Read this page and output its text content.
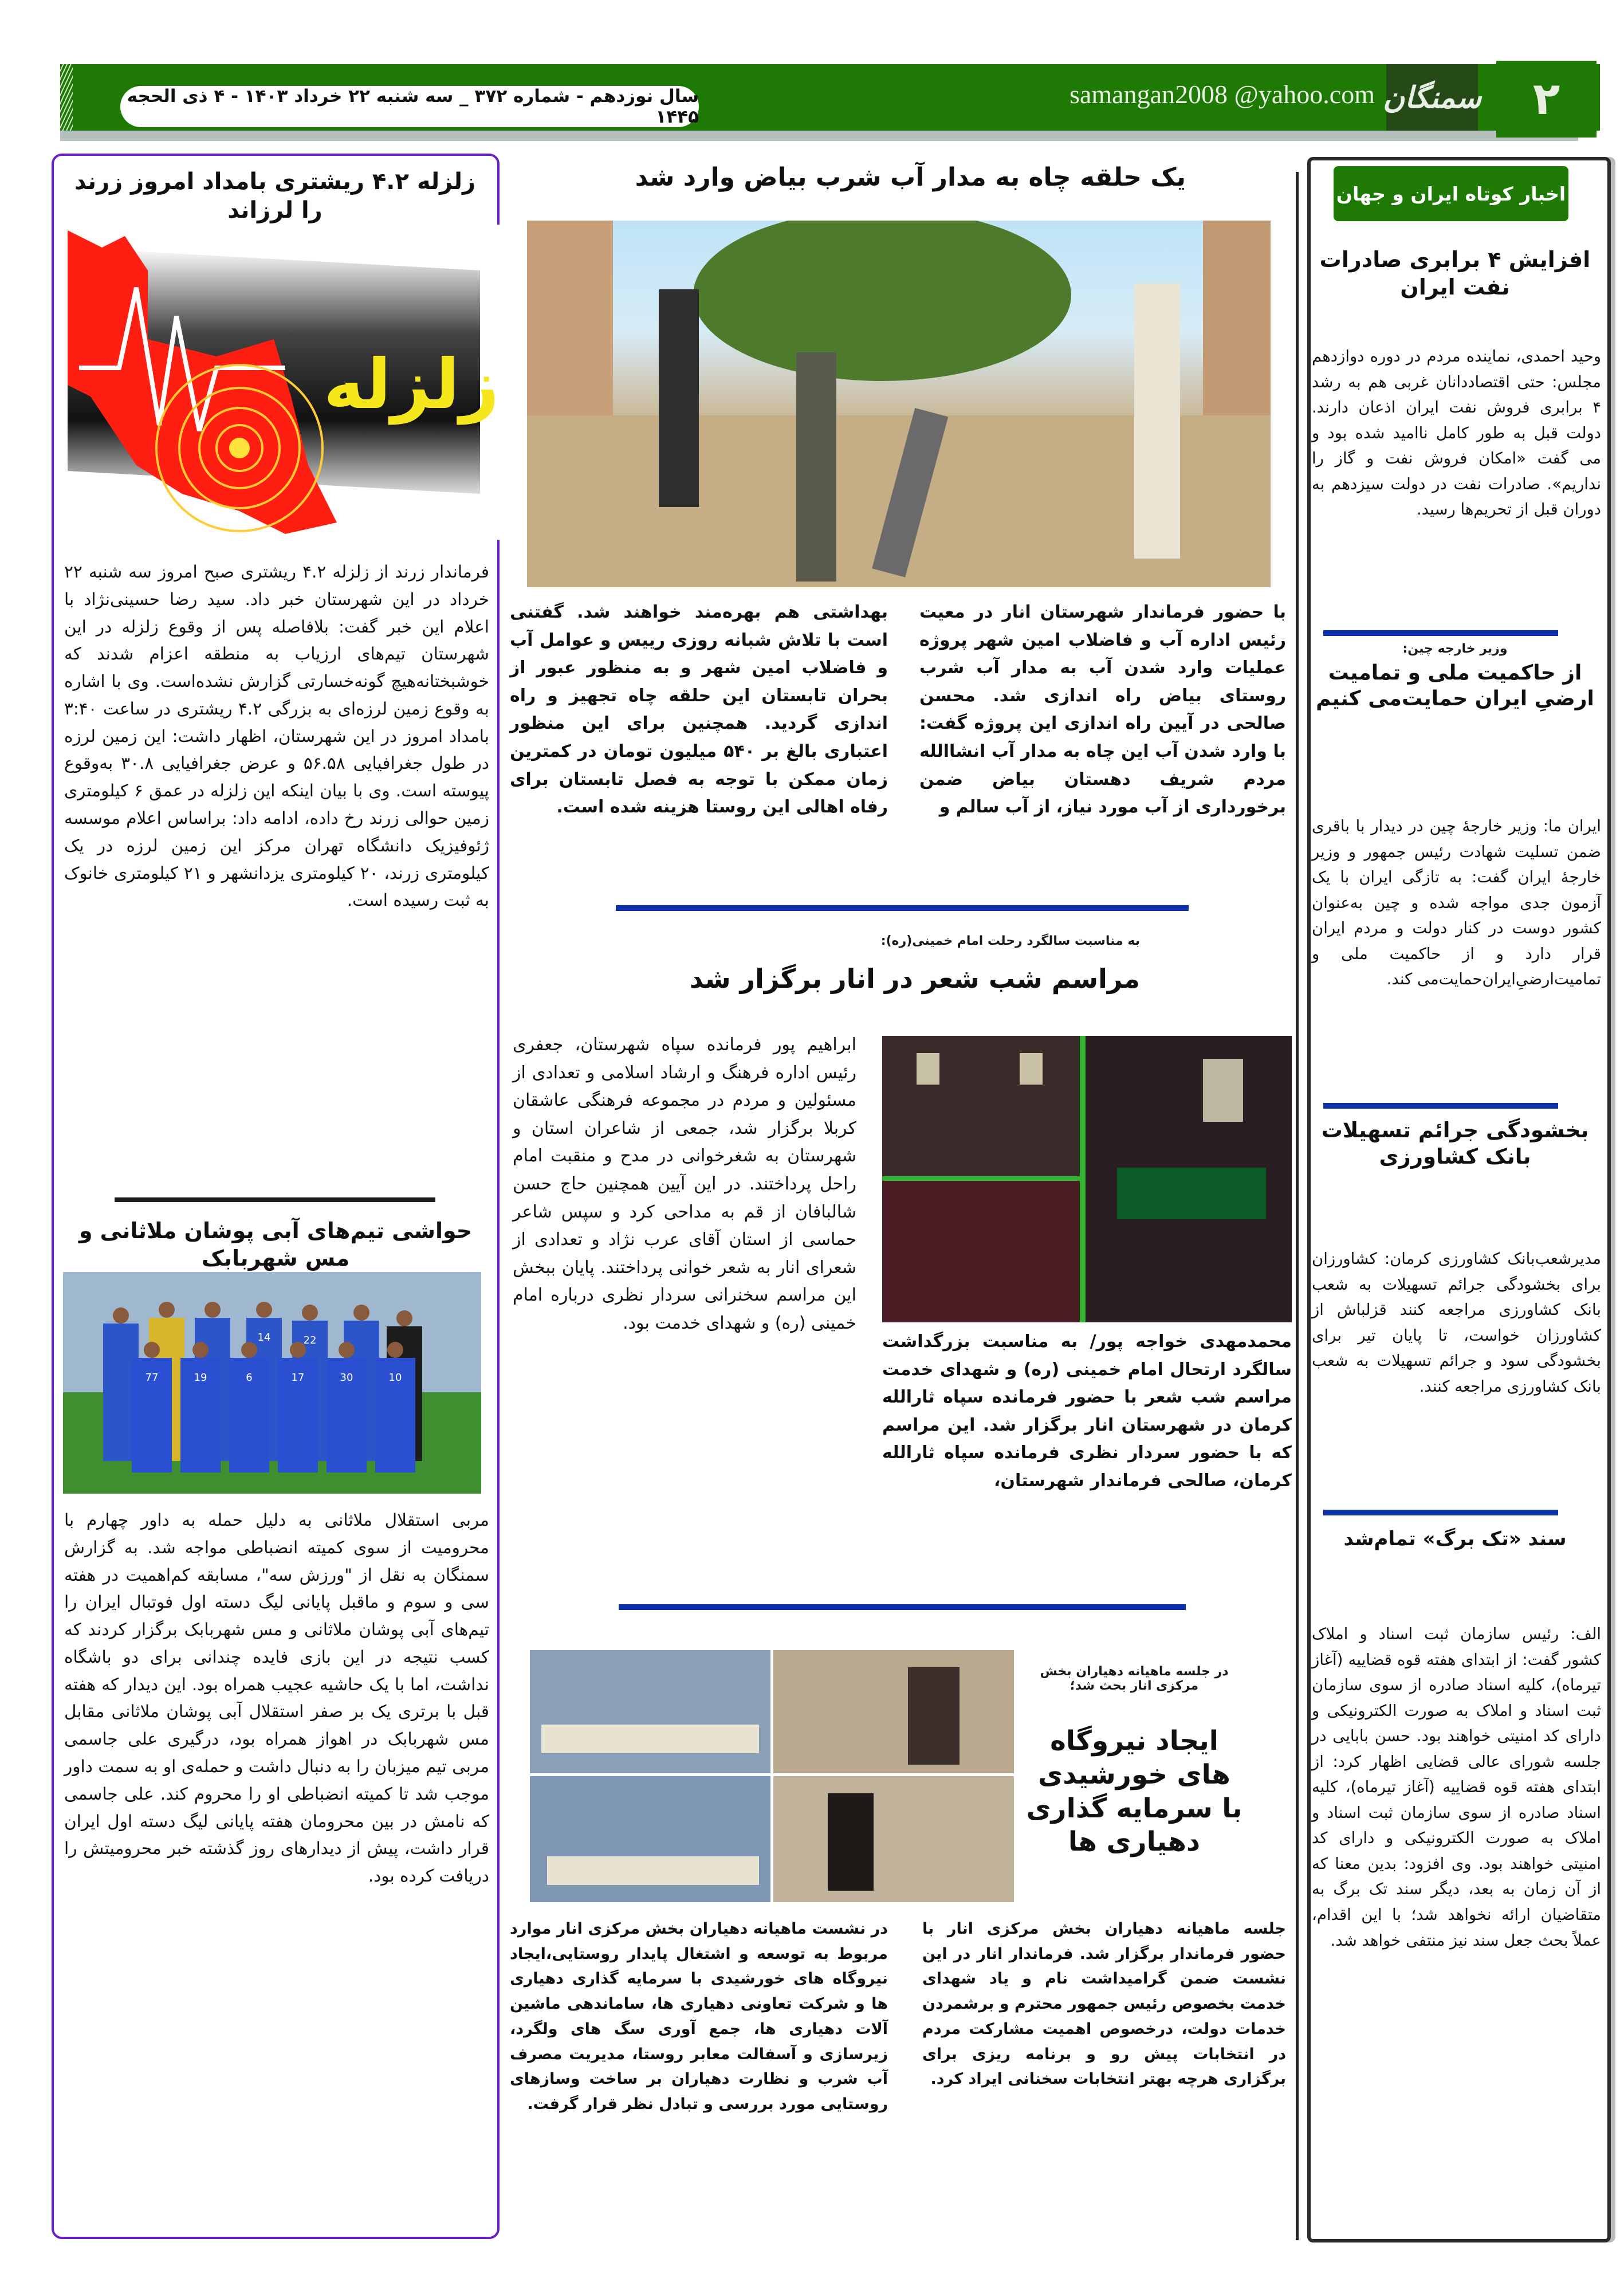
سال نوزدهم - شماره ۳۷۲ _ سه شنبه ۲۲ خرداد ۱۴۰۳ - ۴ ذی الحجه ۱۴۴۵
samangan2008 @yahoo.com سمنگان	۲
اخبار کوتاه ایران و جهان
افزایش ۴ برابری صادرات نفت ایران

وحید احمدی، نماینده مردم در دوره دوازدهم مجلس: حتی اقتصاددانان غربی هم به رشد ۴ برابری فروش نفت ایران اذعان دارند. دولت قبل به طور کامل ناامید شده بود و می گفت «امکان فروش نفت و گاز را نداریم». صادرات نفت در دولت سیزدهم به دوران قبل از تحریم‌ها رسید.

وزیر خارجه چین:
از حاکمیت ملی و تمامیت ارضیِ ایران حمایت‌می کنیم

ایران ما: وزیر خارجهٔ چین در دیدار با باقری ضمن تسلیت شهادت رئیس جمهور و وزیر خارجهٔ ایران گفت: به تازگی ایران با یک آزمون جدی مواجه شده و چین به‌عنوان کشور دوست در کنار دولت و مردم ایران قرار دارد و از حاکمیت ملی و تمامیت‌ارضیِ‌ایران‌حمایت‌می کند.

بخشودگی جرائم تسهیلات بانک کشاورزی

مدیرشعب‌بانک کشاورزی کرمان: کشاورزان برای بخشودگی جرائم تسهیلات به شعب بانک کشاورزی مراجعه کنند قزلباش از کشاورزان خواست، تا پایان تیر برای بخشودگی سود و جرائم تسهیلات به شعب بانک کشاورزی مراجعه کنند.

سند «تک برگ» تمام‌شد

الف: رئیس سازمان ثبت اسناد و املاک کشور گفت: از ابتدای هفته قوه قضاییه (آغاز تیرماه)، کلیه اسناد صادره از سوی سازمان ثبت اسناد و املاک به صورت الکترونیکی و دارای کد امنیتی خواهند بود. حسن بابایی در جلسه شورای عالی قضایی اظهار کرد: از ابتدای هفته قوه قضاییه (آغاز تیرماه)، کلیه اسناد صادره از سوی سازمان ثبت اسناد و املاک به صورت الکترونیکی و دارای کد امنیتی خواهند بود. وی افزود: بدین معنا که از آن زمان به بعد، دیگر سند تک برگ به متقاضیان ارائه نخواهد شد؛ با این اقدام، عملاً بحث جعل سند نیز منتفی خواهد شد.

یک حلقه چاه به مدار آب شرب بیاض وارد شد

با حضور فرماندار شهرستان انار در معیت رئیس اداره آب و فاضلاب امین شهر پروژه عملیات وارد شدن آب به مدار آب شرب روستای بیاض راه اندازی شد. محسن صالحی در آیین راه اندازی این پروژه گفت: با وارد شدن آب این چاه به مدار آب انشاالله مردم شریف دهستان بیاض ضمن برخورداری از آب مورد نیاز، از آب سالم و

بهداشتی هم بهره‌مند خواهند شد. گفتنی است با تلاش شبانه روزی رییس و عوامل آب و فاضلاب امین شهر و به منظور عبور از بحران تابستان این حلقه چاه تجهیز و راه اندازی گردید. همچنین برای این منظور اعتباری بالغ بر ۵۴۰ میلیون تومان در کمترین زمان ممکن با توجه به فصل تابستان برای رفاه اهالی این روستا هزینه شده است.

به مناسبت سالگرد رحلت امام خمینی(ره):
مراسم شب شعر در انار برگزار شد

ابراهیم پور فرمانده سپاه شهرستان، جعفری رئیس اداره فرهنگ و ارشاد اسلامی و تعدادی از مسئولین و مردم در مجموعه فرهنگی عاشقان کربلا برگزار شد، جمعی از شاعران استان و شهرستان به شغرخوانی در مدح و منقبت امام راحل پرداختند. در این آیین همچنین حاج حسن شالبافان از قم به مداحی کرد و سپس شاعر حماسی از استان آقای عرب نژاد و تعدادی از شعرای انار به شعر خوانی پرداختند. پایان ببخش این مراسم سخنرانی سردار نظری درباره امام خمینی (ره) و شهدای خدمت بود.

محمدمهدی خواجه پور/ به مناسبت بزرگداشت سالگرد ارتحال امام خمینی (ره) و شهدای خدمت مراسم شب شعر با حضور فرمانده سپاه ثارالله کرمان در شهرستان انار برگزار شد. این مراسم که با حضور سردار نظری فرمانده سپاه ثارالله کرمان، صالحی فرماندار شهرستان،

در جلسه ماهیانه دهیاران بخش مرکزی انار بحث شد؛
ایجاد نیروگاه های خورشیدی با سرمایه گذاری دهیاری ها

جلسه ماهیانه دهیاران بخش مرکزی انار با حضور فرماندار برگزار شد. فرماندار انار در این نشست ضمن گرامیداشت نام و یاد شهدای خدمت بخصوص رئیس جمهور محترم و برشمردن خدمات دولت، درخصوص اهمیت مشارکت مردم در انتخابات پیش رو و برنامه ریزی برای برگزاری هرچه بهتر انتخابات سخنانی ایراد کرد.

در نشست ماهیانه دهیاران بخش مرکزی انار موارد مربوط به توسعه و اشتغال پایدار روستایی،ایجاد نیروگاه های خورشیدی با سرمایه گذاری دهیاری ها و شرکت تعاونی دهیاری ها، ساماندهی ماشین آلات دهیاری ها، جمع آوری سگ های ولگرد، زیرسازی و آسفالت معابر روستا، مدیریت مصرف آب شرب و نظارت دهیاران بر ساخت وسازهای روستایی مورد بررسی و تبادل نظر قرار گرفت.

زلزله ۴.۲ ریشتری بامداد امروز زرند را لرزاند
زلزله

فرماندار زرند از زلزله ۴.۲ ریشتری صبح امروز سه شنبه ۲۲ خرداد در این شهرستان خبر داد. سید رضا حسینی‌نژاد با اعلام این خبر گفت: بلافاصله پس از وقوع زلزله در این شهرستان تیم‌های ارزیاب به منطقه اعزام شدند که خوشبختانه‌هیچ گونه‌خسارتی گزارش نشده‌است. وی با اشاره به وقوع زمین لرزه‌ای به بزرگی ۴.۲ ریشتری در ساعت ۳:۴۰ بامداد امروز در این شهرستان، اظهار داشت: این زمین لرزه در طول جغرافیایی ۵۶.۵۸ و عرض جغرافیایی ۳۰.۸ به‌وقوع پیوسته است. وی با بیان اینکه این زلزله در عمق ۶ کیلومتری زمین حوالی زرند رخ داده، ادامه داد: براساس اعلام موسسه ژئوفیزیک دانشگاه تهران مرکز این زمین لرزه در یک کیلومتری زرند، ۲۰ کیلومتری یزدانشهر و ۲۱ کیلومتری خانوک به ثبت رسیده است.

حواشی تیم‌های آبی پوشان ملاثانی و مس شهربابک
14	22
77	19	6	17	30	10

مربی استقلال ملاثانی به دلیل حمله به داور چهارم با محرومیت از سوی کمیته انضباطی مواجه شد. به گزارش سمنگان به نقل از "ورزش سه"، مسابقه کم‌اهمیت در هفته سی و سوم و ماقبل پایانی لیگ دسته اول فوتبال ایران را تیم‌های آبی پوشان ملاثانی و مس شهربابک برگزار کردند که کسب نتیجه در این بازی فایده چندانی برای دو باشگاه نداشت، اما با یک حاشیه عجیب همراه بود. این دیدار که هفته قبل با برتری یک بر صفر استقلال آبی پوشان ملاثانی مقابل مس شهربابک در اهواز همراه بود، درگیری علی جاسمی مربی تیم میزبان را به دنبال داشت و حمله‌ی او به سمت داور موجب شد تا کمیته انضباطی او را محروم کند. علی جاسمی که نامش در بین محرومان هفته پایانی لیگ دسته اول ایران قرار داشت، پیش از دیدارهای روز گذشته خبر محرومیتش را دریافت کرده بود.
